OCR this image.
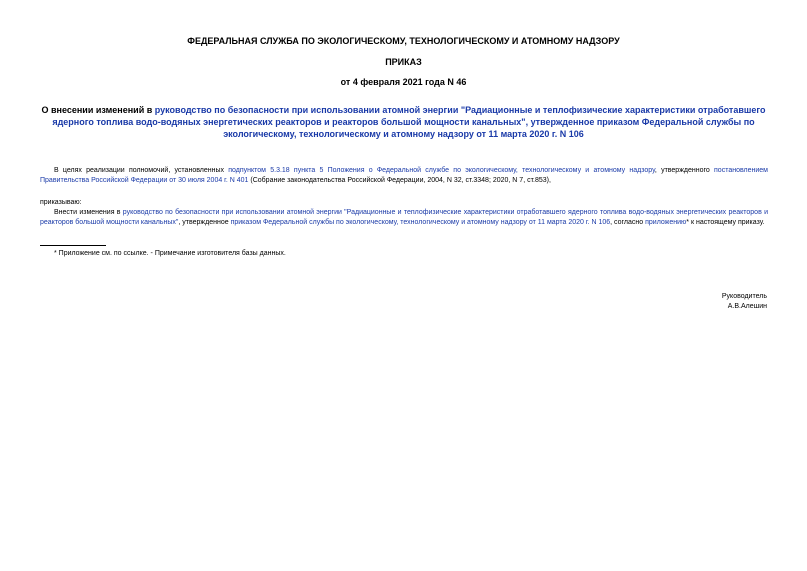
ФЕДЕРАЛЬНАЯ СЛУЖБА ПО ЭКОЛОГИЧЕСКОМУ, ТЕХНОЛОГИЧЕСКОМУ И АТОМНОМУ НАДЗОРУ
ПРИКАЗ
от 4 февраля 2021 года N 46
О внесении изменений в руководство по безопасности при использовании атомной энергии "Радиационные и теплофизические характеристики отработавшего ядерного топлива водо-водяных энергетических реакторов и реакторов большой мощности канальных", утвержденное приказом Федеральной службы по экологическому, технологическому и атомному надзору от 11 марта 2020 г. N 106
В целях реализации полномочий, установленных подпунктом 5.3.18 пункта 5 Положения о Федеральной службе по экологическому, технологическому и атомному надзору, утвержденного постановлением Правительства Российской Федерации от 30 июля 2004 г. N 401 (Собрание законодательства Российской Федерации, 2004, N 32, ст.3348; 2020, N 7, ст.853),
приказываю:
Внести изменения в руководство по безопасности при использовании атомной энергии "Радиационные и теплофизические характеристики отработавшего ядерного топлива водо-водяных энергетических реакторов и реакторов большой мощности канальных", утвержденное приказом Федеральной службы по экологическому, технологическому и атомному надзору от 11 марта 2020 г. N 106, согласно приложению* к настоящему приказу.
* Приложение см. по ссылке. - Примечание изготовителя базы данных.
Руководитель
А.В.Алешин
